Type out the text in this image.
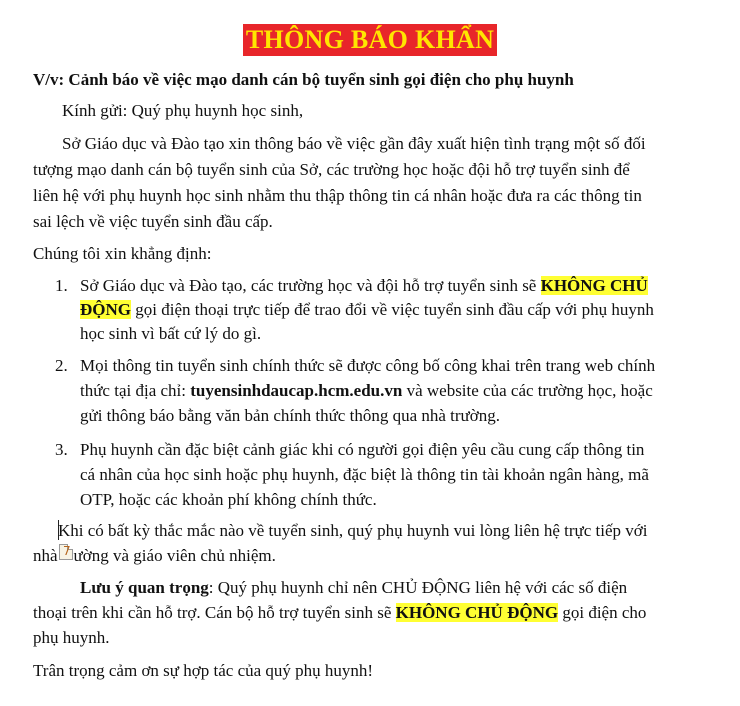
THÔNG BÁO KHẨN
V/v: Cảnh báo về việc mạo danh cán bộ tuyển sinh gọi điện cho phụ huynh
Kính gửi: Quý phụ huynh học sinh,
Sở Giáo dục và Đào tạo xin thông báo về việc gần đây xuất hiện tình trạng một số đối
tượng mạo danh cán bộ tuyển sinh của Sở, các trường học hoặc đội hỗ trợ tuyển sinh để
liên hệ với phụ huynh học sinh nhằm thu thập thông tin cá nhân hoặc đưa ra các thông tin
sai lệch về việc tuyển sinh đầu cấp.
Chúng tôi xin khẳng định:
1. Sở Giáo dục và Đào tạo, các trường học và đội hỗ trợ tuyển sinh sẽ KHÔNG CHỦ
ĐỘNG gọi điện thoại trực tiếp để trao đổi về việc tuyển sinh đầu cấp với phụ huynh
học sinh vì bất cứ lý do gì.
2. Mọi thông tin tuyển sinh chính thức sẽ được công bố công khai trên trang web chính
thức tại địa chỉ: tuyensinhdaucap.hcm.edu.vn và website của các trường học, hoặc
gửi thông báo bằng văn bản chính thức thông qua nhà trường.
3. Phụ huynh cần đặc biệt cảnh giác khi có người gọi điện yêu cầu cung cấp thông tin
cá nhân của học sinh hoặc phụ huynh, đặc biệt là thông tin tài khoản ngân hàng, mã
OTP, hoặc các khoản phí không chính thức.
Khi có bất kỳ thắc mắc nào về tuyển sinh, quý phụ huynh vui lòng liên hệ trực tiếp với
nhà ường và giáo viên chủ nhiệm.
7
Lưu ý quan trọng: Quý phụ huynh chỉ nên CHỦ ĐỘNG liên hệ với các số điện
thoại trên khi cần hỗ trợ. Cán bộ hỗ trợ tuyển sinh sẽ KHÔNG CHỦ ĐỘNG gọi điện cho
phụ huynh.
Trân trọng cảm ơn sự hợp tác của quý phụ huynh!
